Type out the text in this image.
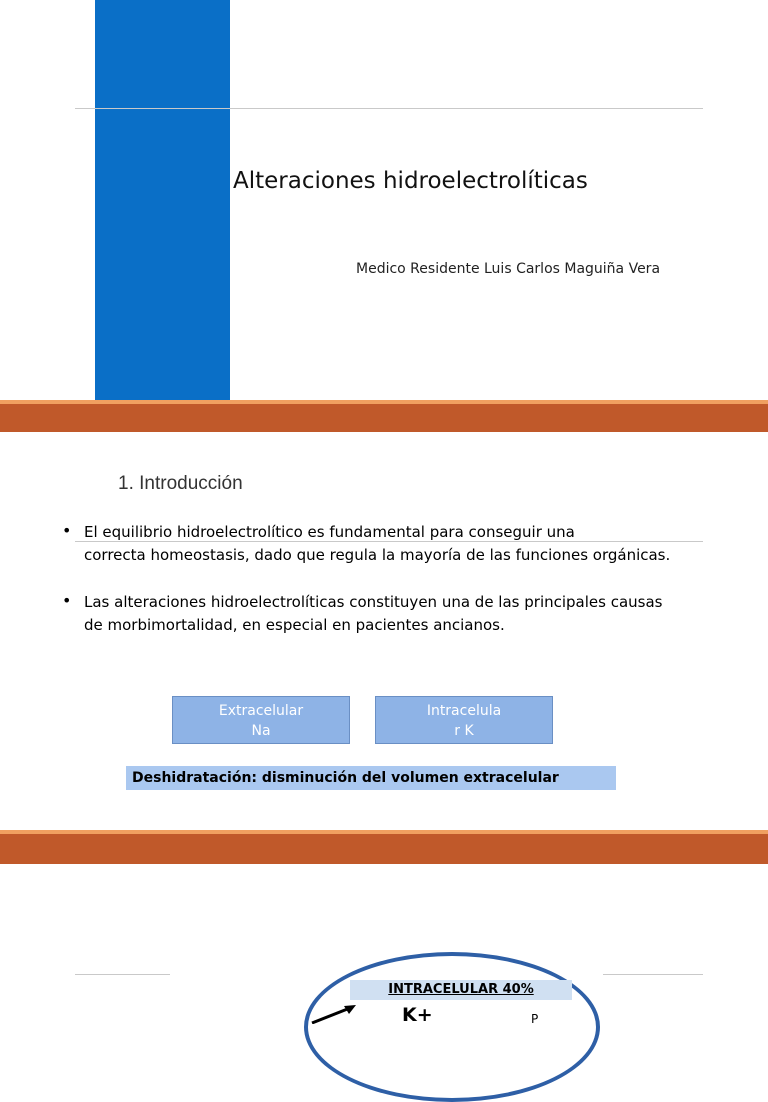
Alteraciones hidroelectrolíticas
Medico Residente Luis Carlos Maguiña Vera
1. Introducción
• El equilibrio hidroelectrolítico es fundamental para conseguir una
correcta homeostasis, dado que regula la mayoría de las funciones orgánicas.
• Las alteraciones hidroelectrolíticas constituyen una de las principales causas
de morbimortalidad, en especial en pacientes ancianos.
Extracelular
Na
Intracelula
r K
Deshidratación: disminución del volumen extracelular
INTRACELULAR 40%
K+	P
